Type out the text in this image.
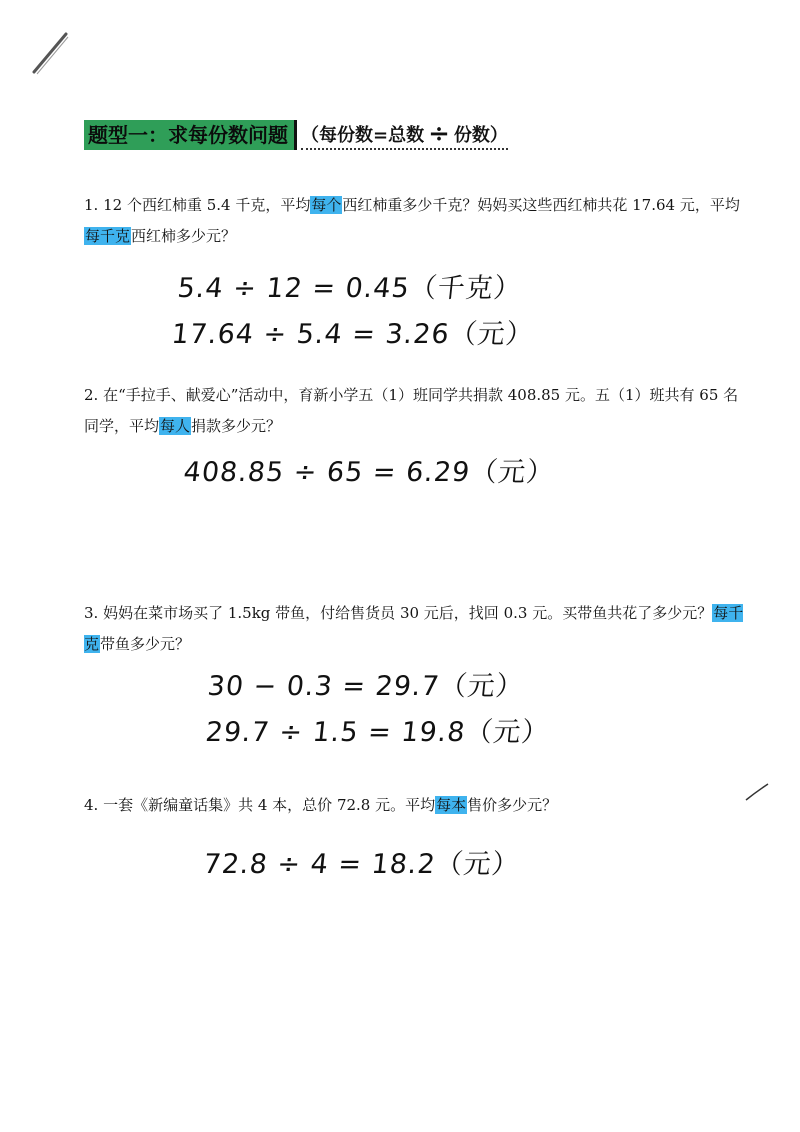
题型一：求每份数问题 （每份数=总数 ÷ 份数）
1. 12 个西红柿重 5.4 千克，平均每个西红柿重多少千克？妈妈买这些西红柿共花 17.64 元，平均每千克西红柿多少元？
5.4 ÷ 12 = 0.45（千克）
17.64 ÷ 5.4 = 3.26（元）
2. 在“手拉手、献爱心”活动中，育新小学五（1）班同学共捐款 408.85 元。五（1）班共有 65 名同学，平均每人捐款多少元？
408.85 ÷ 65 = 6.29（元）
3. 妈妈在菜市场买了 1.5kg 带鱼，付给售货员 30 元后，找回 0.3 元。买带鱼共花了多少元？每千克带鱼多少元？
30 − 0.3 = 29.7（元）
29.7 ÷ 1.5 = 19.8（元）
4. 一套《新编童话集》共 4 本，总价 72.8 元。平均每本售价多少元？
72.8 ÷ 4 = 18.2（元）
